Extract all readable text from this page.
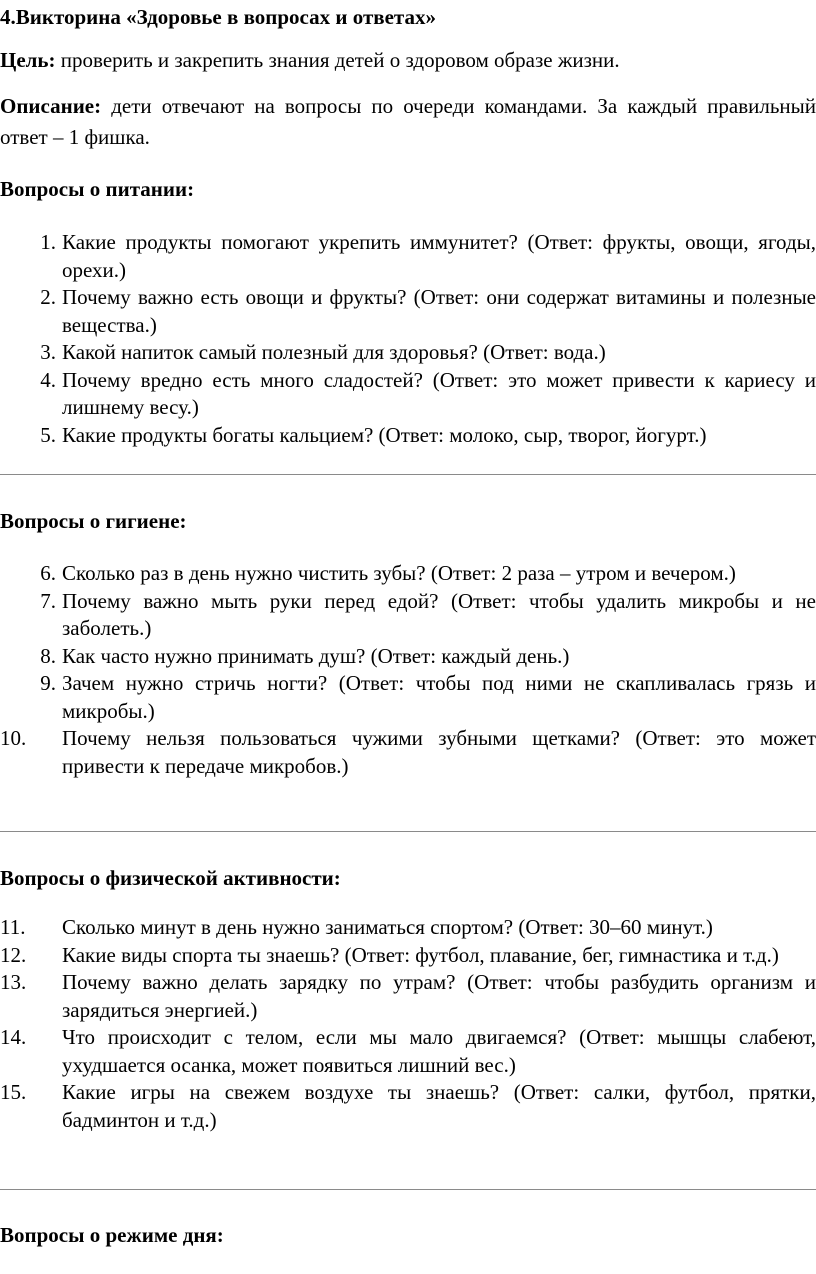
4.Викторина «Здоровье в вопросах и ответах»
Цель: проверить и закрепить знания детей о здоровом образе жизни.
Описание: дети отвечают на вопросы по очереди командами. За каждый правильный ответ – 1 фишка.
Вопросы о питании:
1. Какие продукты помогают укрепить иммунитет? (Ответ: фрукты, овощи, ягоды, орехи.)
2. Почему важно есть овощи и фрукты? (Ответ: они содержат витамины и полезные вещества.)
3. Какой напиток самый полезный для здоровья? (Ответ: вода.)
4. Почему вредно есть много сладостей? (Ответ: это может привести к кариесу и лишнему весу.)
5. Какие продукты богаты кальцием? (Ответ: молоко, сыр, творог, йогурт.)
Вопросы о гигиене:
6. Сколько раз в день нужно чистить зубы? (Ответ: 2 раза – утром и вечером.)
7. Почему важно мыть руки перед едой? (Ответ: чтобы удалить микробы и не заболеть.)
8. Как часто нужно принимать душ? (Ответ: каждый день.)
9. Зачем нужно стричь ногти? (Ответ: чтобы под ними не скапливалась грязь и микробы.)
10.	Почему нельзя пользоваться чужими зубными щетками? (Ответ: это может привести к передаче микробов.)
Вопросы о физической активности:
11.	Сколько минут в день нужно заниматься спортом? (Ответ: 30–60 минут.)
12.	Какие виды спорта ты знаешь? (Ответ: футбол, плавание, бег, гимнастика и т.д.)
13.	Почему важно делать зарядку по утрам? (Ответ: чтобы разбудить организм и зарядиться энергией.)
14.	Что происходит с телом, если мы мало двигаемся? (Ответ: мышцы слабеют, ухудшается осанка, может появиться лишний вес.)
15.	Какие игры на свежем воздухе ты знаешь? (Ответ: салки, футбол, прятки, бадминтон и т.д.)
Вопросы о режиме дня:
